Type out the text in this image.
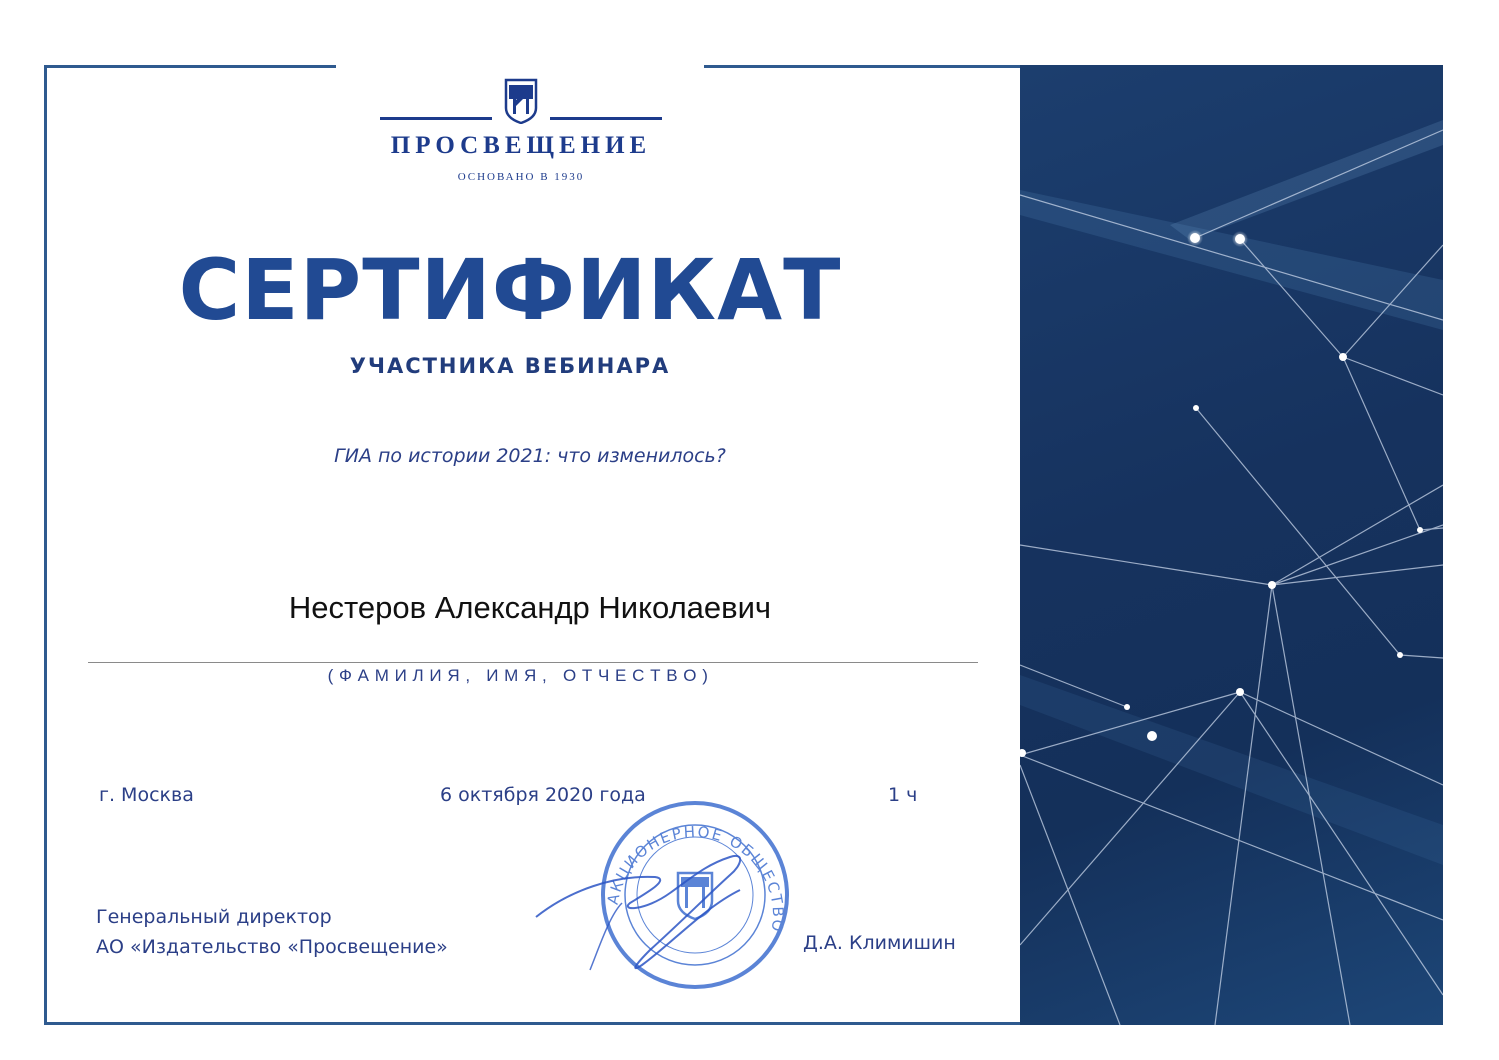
ПРОСВЕЩЕНИЕ
ОСНОВАНО В 1930
СЕРТИФИКАТ
УЧАСТНИКА ВЕБИНАРА
ГИА по истории 2021: что изменилось?
Нестеров Александр Николаевич
( Ф А М И Л И Я ,   И М Я ,   О Т Ч Е С Т В О )
г. Москва	6 октября 2020 года	1 ч
Генеральный директор
АО «Издательство «Просвещение»
АКЦИОНЕРНОЕ ОБЩЕСТВО
Д.А. Климишин
